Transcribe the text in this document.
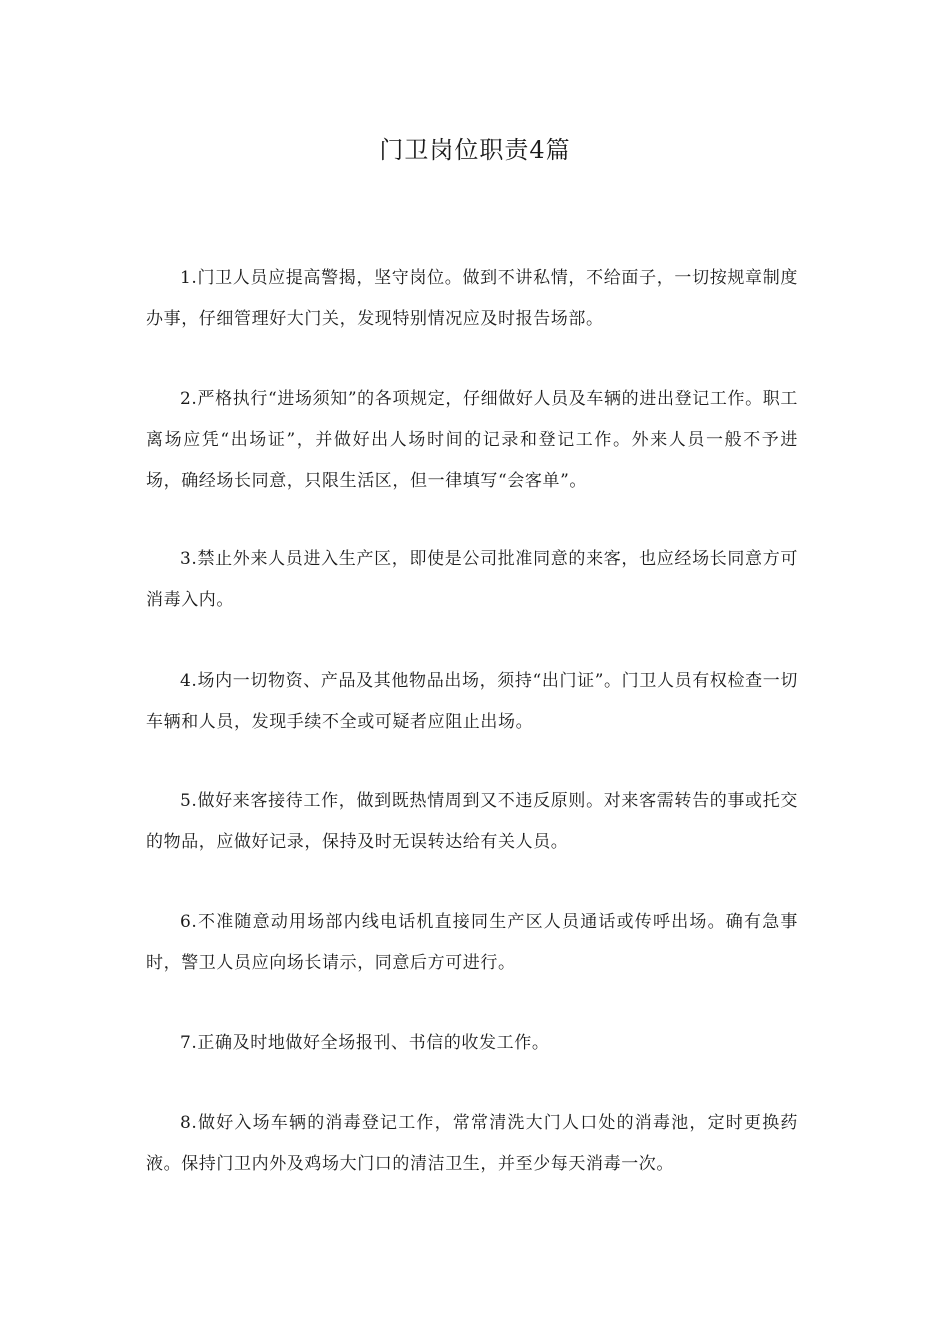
门卫岗位职责4篇

1.门卫人员应提高警揭，坚守岗位。做到不讲私情，不给面子，一切按规章制度办事，仔细管理好大门关，发现特别情况应及时报告场部。

2.严格执行“进场须知”的各项规定，仔细做好人员及车辆的进出登记工作。职工离场应凭“出场证”，并做好出人场时间的记录和登记工作。外来人员一般不予进场，确经场长同意，只限生活区，但一律填写“会客单”。

3.禁止外来人员进入生产区，即使是公司批准同意的来客，也应经场长同意方可消毒入内。

4.场内一切物资、产品及其他物品出场，须持“出门证”。门卫人员有权检查一切车辆和人员，发现手续不全或可疑者应阻止出场。

5.做好来客接待工作，做到既热情周到又不违反原则。对来客需转告的事或托交的物品，应做好记录，保持及时无误转达给有关人员。

6.不准随意动用场部内线电话机直接同生产区人员通话或传呼出场。确有急事时，警卫人员应向场长请示，同意后方可进行。

7.正确及时地做好全场报刊、书信的收发工作。

8.做好入场车辆的消毒登记工作，常常清洗大门人口处的消毒池，定时更换药液。保持门卫内外及鸡场大门口的清洁卫生，并至少每天消毒一次。
